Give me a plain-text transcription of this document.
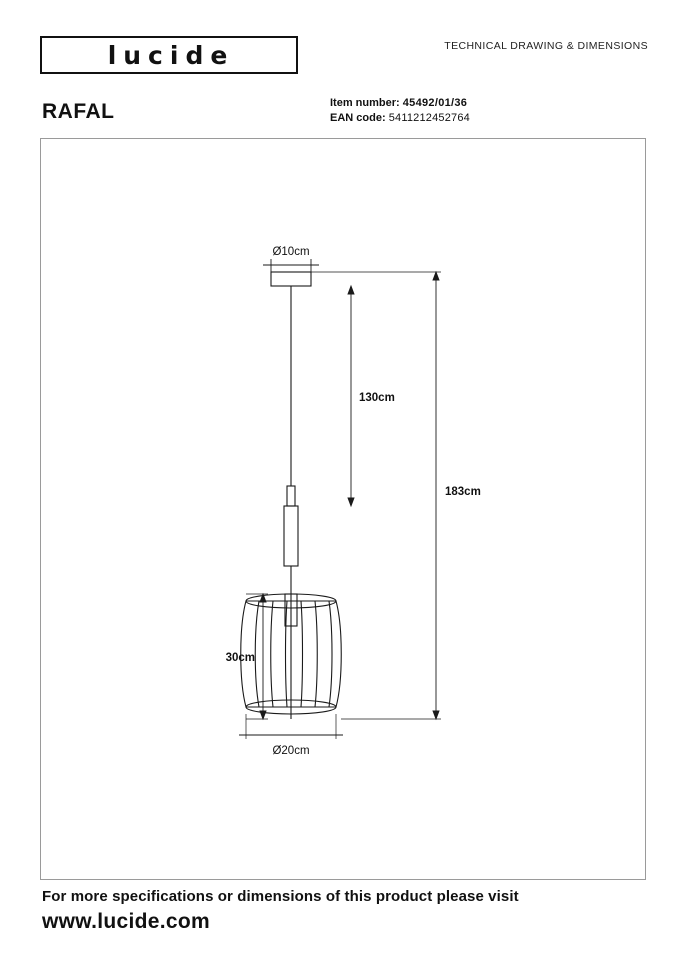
lucide	TECHNICAL DRAWING & DIMENSIONS
RAFAL	Item number: 45492/01/36
EAN code: 5411212452764
Ø10cm
130cm
183cm
30cm
Ø20cm
For more specifications or dimensions of this product please visit
www.lucide.com
